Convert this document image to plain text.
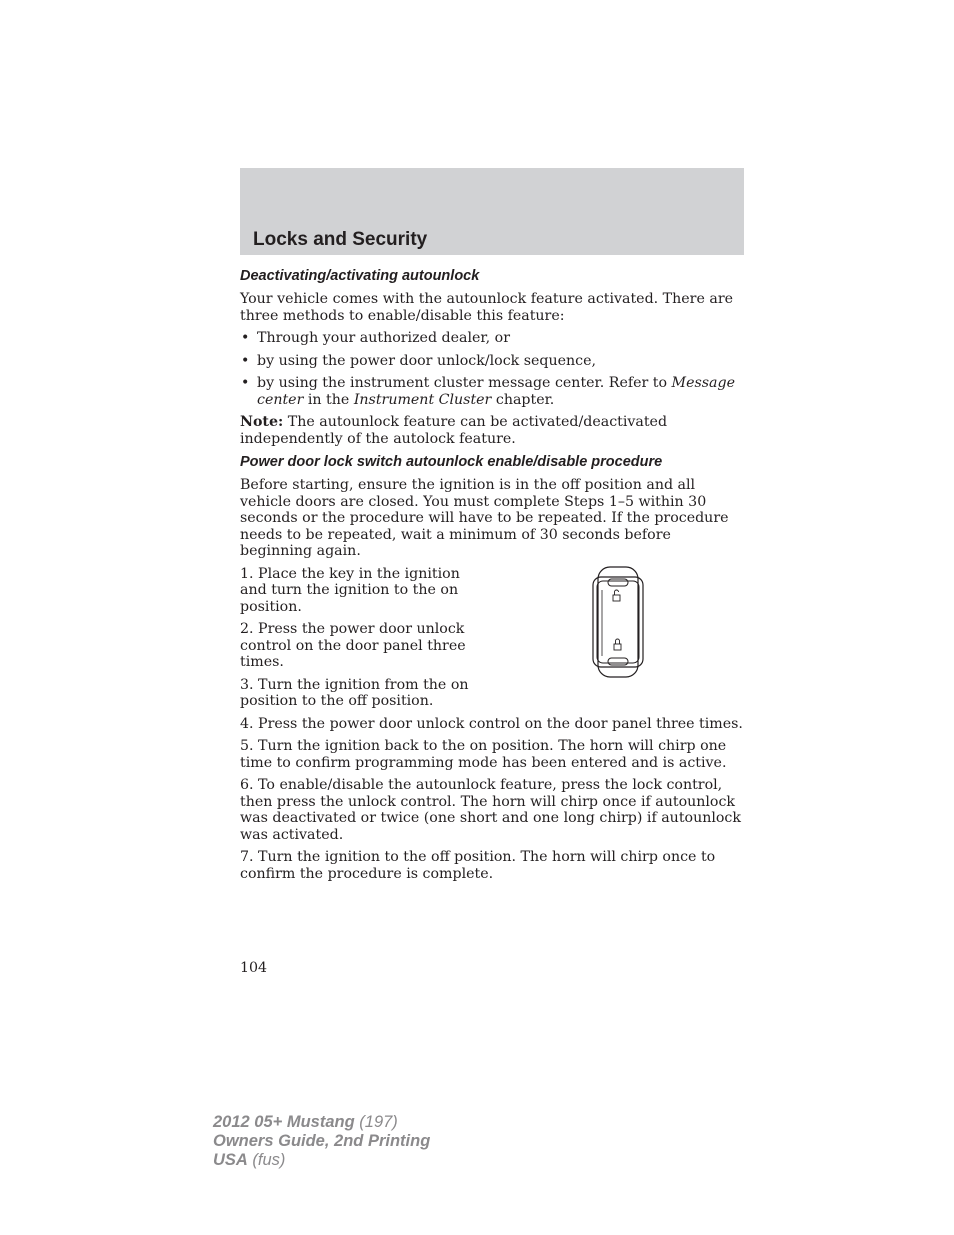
Locks and Security
Deactivating/activating autounlock

Your vehicle comes with the autounlock feature activated. There are three methods to enable/disable this feature:

• Through your authorized dealer, or
• by using the power door unlock/lock sequence,
• by using the instrument cluster message center. Refer to Message center in the Instrument Cluster chapter.

Note: The autounlock feature can be activated/deactivated independently of the autolock feature.

Power door lock switch autounlock enable/disable procedure

Before starting, ensure the ignition is in the off position and all vehicle doors are closed. You must complete Steps 1–5 within 30 seconds or the procedure will have to be repeated. If the procedure needs to be repeated, wait a minimum of 30 seconds before beginning again.

1. Place the key in the ignition and turn the ignition to the on position.

2. Press the power door unlock control on the door panel three times.

3. Turn the ignition from the on position to the off position.

4. Press the power door unlock control on the door panel three times.

5. Turn the ignition back to the on position. The horn will chirp one time to confirm programming mode has been entered and is active.

6. To enable/disable the autounlock feature, press the lock control, then press the unlock control. The horn will chirp once if autounlock was deactivated or twice (one short and one long chirp) if autounlock was activated.

7. Turn the ignition to the off position. The horn will chirp once to confirm the procedure is complete.

104
2012 05+ Mustang (197)
Owners Guide, 2nd Printing
USA (fus)
